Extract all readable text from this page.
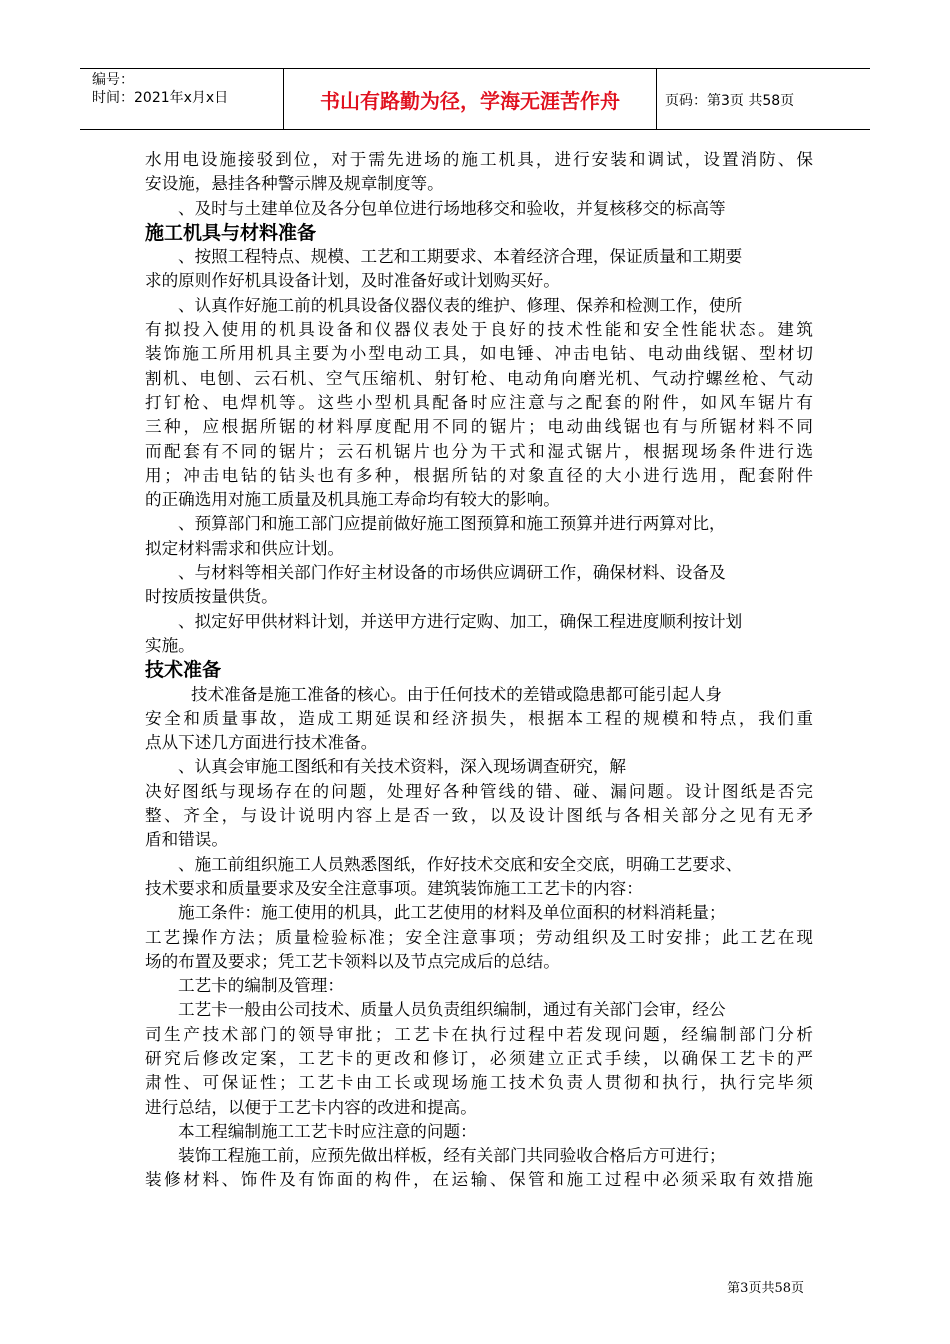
编号：
时间：2021年x月x日	书山有路勤为径，学海无涯苦作舟	页码：第3页 共58页
水用电设施接驳到位，对于需先进场的施工机具，进行安装和调试，设置消防、保
安设施，悬挂各种警示牌及规章制度等。
、及时与土建单位及各分包单位进行场地移交和验收，并复核移交的标高等
施工机具与材料准备
、按照工程特点、规模、工艺和工期要求、本着经济合理，保证质量和工期要
求的原则作好机具设备计划，及时准备好或计划购买好。
、认真作好施工前的机具设备仪器仪表的维护、修理、保养和检测工作，使所
有拟投入使用的机具设备和仪器仪表处于良好的技术性能和安全性能状态。建筑
装饰施工所用机具主要为小型电动工具，如电锤、冲击电钻、电动曲线锯、型材切
割机、电刨、云石机、空气压缩机、射钉枪、电动角向磨光机、气动拧螺丝枪、气动
打钉枪、电焊机等。这些小型机具配备时应注意与之配套的附件，如风车锯片有
三种，应根据所锯的材料厚度配用不同的锯片；电动曲线锯也有与所锯材料不同
而配套有不同的锯片；云石机锯片也分为干式和湿式锯片，根据现场条件进行选
用；冲击电钻的钻头也有多种，根据所钻的对象直径的大小进行选用，配套附件
的正确选用对施工质量及机具施工寿命均有较大的影响。
、预算部门和施工部门应提前做好施工图预算和施工预算并进行两算对比，
拟定材料需求和供应计划。
、与材料等相关部门作好主材设备的市场供应调研工作，确保材料、设备及
时按质按量供货。
、拟定好甲供材料计划，并送甲方进行定购、加工，确保工程进度顺利按计划
实施。
技术准备
技术准备是施工准备的核心。由于任何技术的差错或隐患都可能引起人身
安全和质量事故，造成工期延误和经济损失，根据本工程的规模和特点，我们重
点从下述几方面进行技术准备。
、认真会审施工图纸和有关技术资料，深入现场调查研究，解
决好图纸与现场存在的问题，处理好各种管线的错、碰、漏问题。设计图纸是否完
整、齐全，与设计说明内容上是否一致，以及设计图纸与各相关部分之见有无矛
盾和错误。
、施工前组织施工人员熟悉图纸，作好技术交底和安全交底，明确工艺要求、
技术要求和质量要求及安全注意事项。建筑装饰施工工艺卡的内容：
施工条件：施工使用的机具，此工艺使用的材料及单位面积的材料消耗量；
工艺操作方法；质量检验标准；安全注意事项；劳动组织及工时安排；此工艺在现
场的布置及要求；凭工艺卡领料以及节点完成后的总结。
工艺卡的编制及管理：
工艺卡一般由公司技术、质量人员负责组织编制，通过有关部门会审，经公
司生产技术部门的领导审批；工艺卡在执行过程中若发现问题，经编制部门分析
研究后修改定案，工艺卡的更改和修订，必须建立正式手续，以确保工艺卡的严
肃性、可保证性；工艺卡由工长或现场施工技术负责人贯彻和执行，执行完毕须
进行总结，以便于工艺卡内容的改进和提高。
本工程编制施工工艺卡时应注意的问题：
装饰工程施工前，应预先做出样板，经有关部门共同验收合格后方可进行；
装修材料、饰件及有饰面的构件，在运输、保管和施工过程中必须采取有效措施
第3页共58页
